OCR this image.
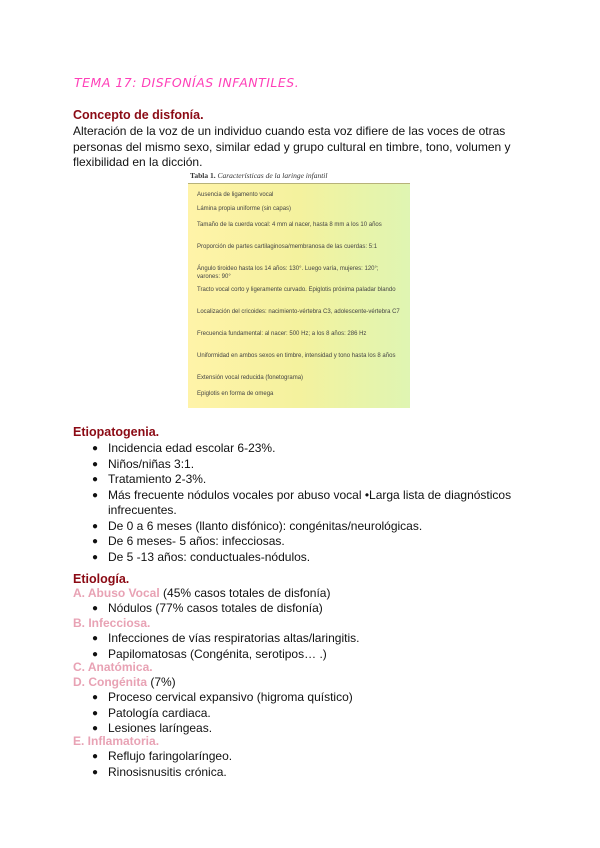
TEMA 17: DISFONÍAS INFANTILES.
Concepto de disfonía.
Alteración de la voz de un individuo cuando esta voz difiere de las voces de otras personas del mismo sexo, similar edad y grupo cultural en timbre, tono, volumen y flexibilidad en la dicción.
Tabla 1. Características de la laringe infantil
Ausencia de ligamento vocal
Lámina propia uniforme (sin capas)
Tamaño de la cuerda vocal: 4 mm al nacer, hasta 8 mm a los 10 años
Proporción de partes cartilaginosa/membranosa de las cuerdas: 5:1
Ángulo tiroideo hasta los 14 años: 130°. Luego varía, mujeres: 120°; varones: 90°
Tracto vocal corto y ligeramente curvado. Epiglotis próxima paladar blando
Localización del cricoides: nacimiento-vértebra C3, adolescente-vértebra C7
Frecuencia fundamental: al nacer: 500 Hz; a los 8 años: 286 Hz
Uniformidad en ambos sexos en timbre, intensidad y tono hasta los 8 años
Extensión vocal reducida (fonetograma)
Epiglotis en forma de omega
Etiopatogenia.
● Incidencia edad escolar 6-23%.
● Niños/niñas 3:1.
● Tratamiento 2-3%.
● Más frecuente nódulos vocales por abuso vocal •Larga lista de diagnósticos infrecuentes.
● De 0 a 6 meses (llanto disfónico): congénitas/neurológicas.
● De 6 meses- 5 años: infecciosas.
● De 5 -13 años: conductuales-nódulos.
Etiología.
A. Abuso Vocal (45% casos totales de disfonía)
● Nódulos (77% casos totales de disfonía)
B. Infecciosa.
● Infecciones de vías respiratorias altas/laringitis.
● Papilomatosas (Congénita, serotipos… .)
C. Anatómica.
D. Congénita (7%)
● Proceso cervical expansivo (higroma quístico)
● Patología cardiaca.
● Lesiones laríngeas.
E. Inflamatoria.
● Reflujo faringolaríngeo.
● Rinosisnusitis crónica.
